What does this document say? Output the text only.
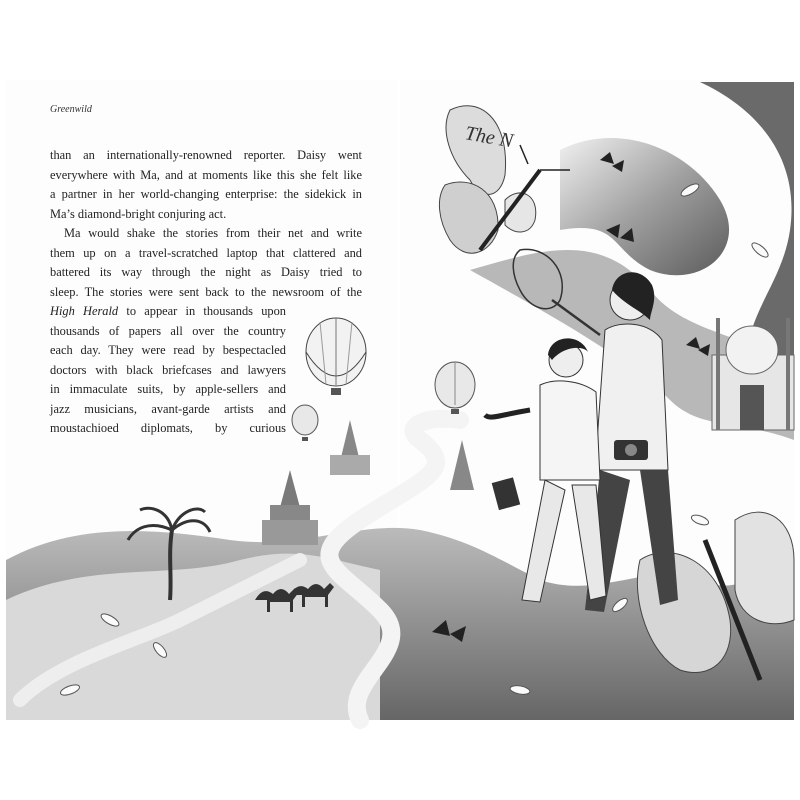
The N
Greenwild

than an internationally-renowned reporter. Daisy went
everywhere with Ma, and at moments like this she felt like
a partner in her world-changing enterprise: the sidekick in
Ma’s diamond-bright conjuring act.

Ma would shake the stories from their net and write
them up on a travel-scratched laptop that clattered and
battered its way through the night as Daisy tried to
sleep. The stories were sent back to the newsroom of the
High Herald to appear in thousands upon
thousands of papers all over the country
each day. They were read by bespectacled
doctors with black briefcases and lawyers
in immaculate suits, by apple-sellers and
jazz musicians, avant-garde artists and
moustachioed diplomats, by curious
